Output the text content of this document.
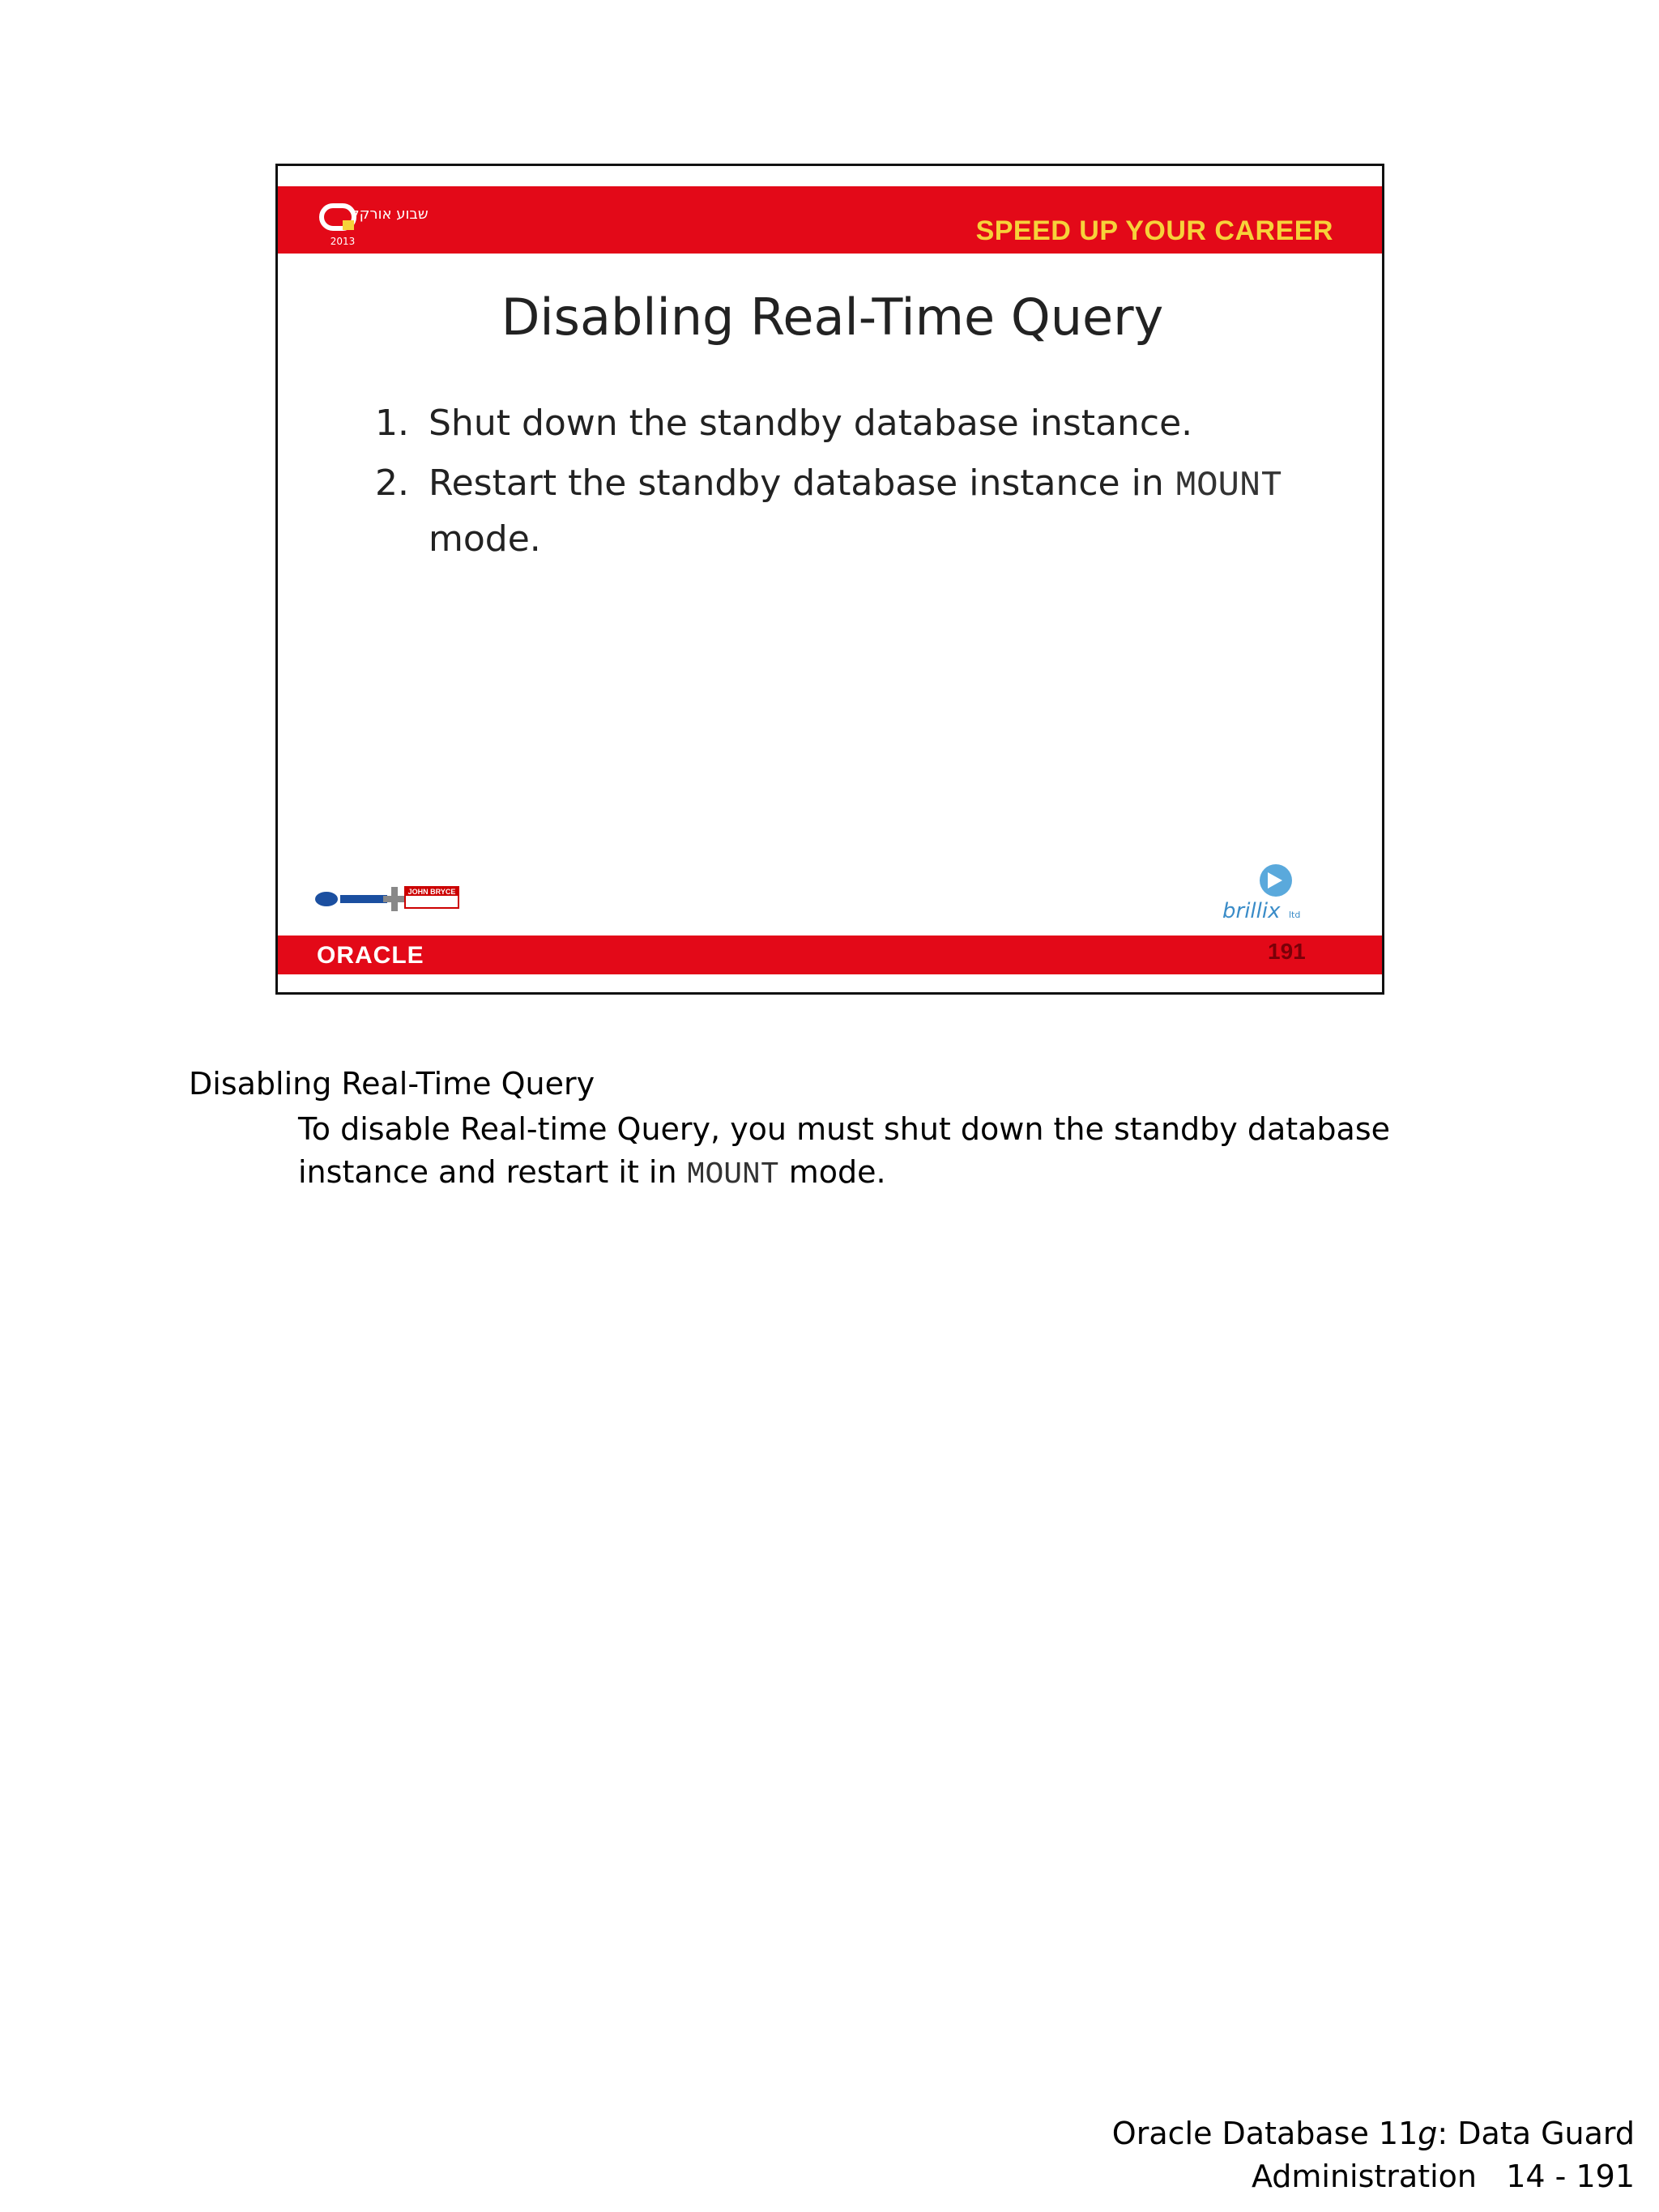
שבוע אורקל
2013	SPEED UP YOUR CAREER
Disabling Real-Time Query
1. Shut down the standby database instance.
2. Restart the standby database instance in MOUNT
mode.
JOHN BRYCE
brillix ltd
ORACLE	191
Disabling Real-Time Query
To disable Real-time Query, you must shut down the standby database instance and restart it in MOUNT mode.
Oracle Database 11g: Data Guard
Administration   14 - 191
